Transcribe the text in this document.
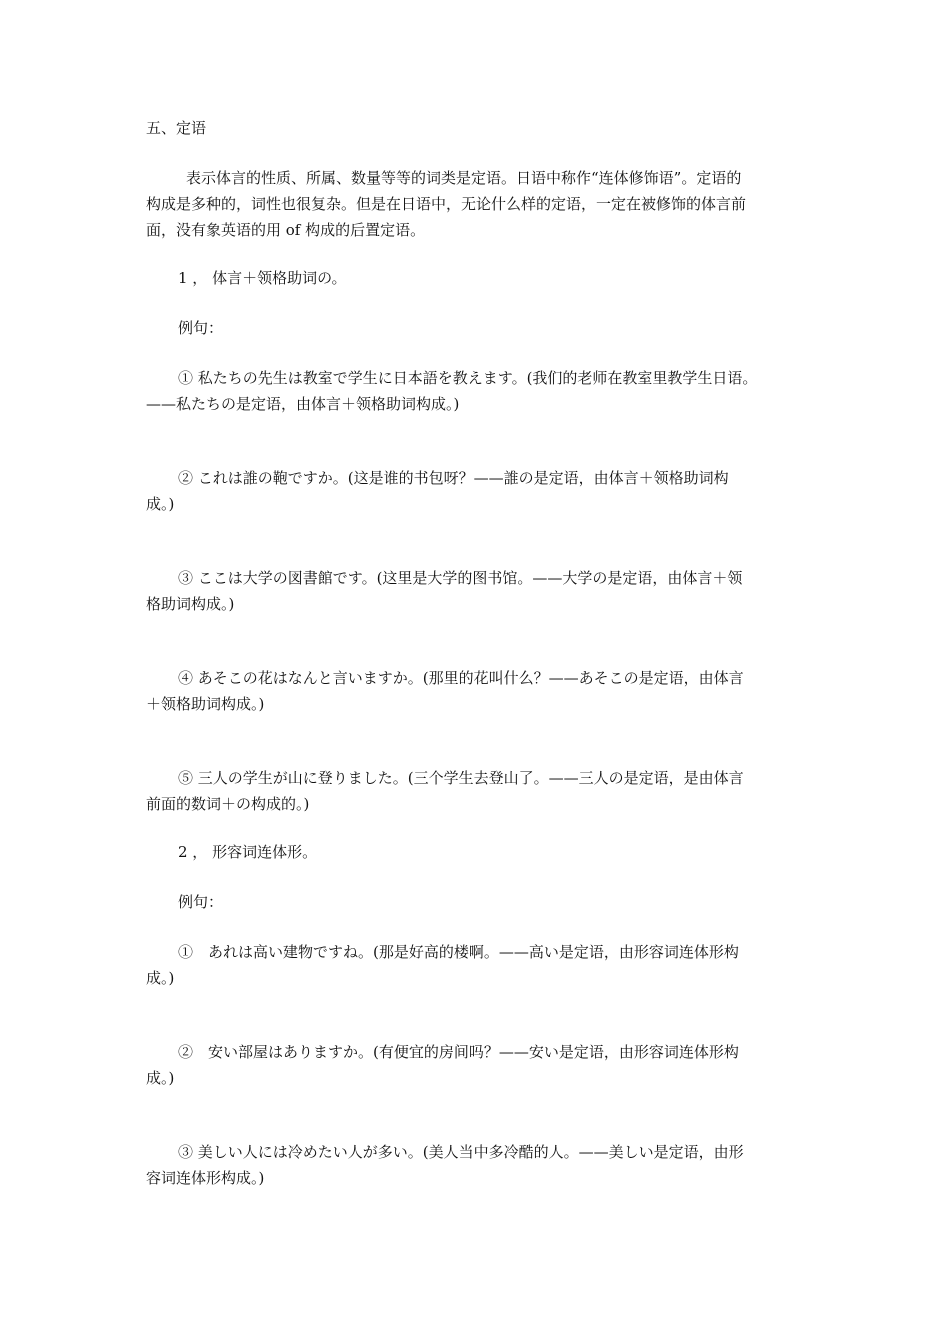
五、定语
表示体言的性质、所属、数量等等的词类是定语。日语中称作“连体修饰语”。定语的
构成是多种的，词性也很复杂。但是在日语中，无论什么样的定语，一定在被修饰的体言前
面，没有象英语的用 of 构成的后置定语。
1 ， 体言＋领格助词の。
例句：
① 私たちの先生は教室で学生に日本語を教えます。(我们的老师在教室里教学生日语。
——私たちの是定语，由体言＋领格助词构成。)
② これは誰の鞄ですか。(这是谁的书包呀？——誰の是定语，由体言＋领格助词构
成。)
③ ここは大学の図書館です。(这里是大学的图书馆。——大学の是定语，由体言＋领
格助词构成。)
④ あそこの花はなんと言いますか。(那里的花叫什么？——あそこの是定语，由体言
＋领格助词构成。)
⑤ 三人の学生が山に登りました。(三个学生去登山了。——三人の是定语，是由体言
前面的数词＋の构成的。)
2 ， 形容词连体形。
例句：
①　あれは高い建物ですね。(那是好高的楼啊。——高い是定语，由形容词连体形构
成。)
②　安い部屋はありますか。(有便宜的房间吗？——安い是定语，由形容词连体形构
成。)
③ 美しい人には冷めたい人が多い。(美人当中多冷酷的人。——美しい是定语，由形
容词连体形构成。)
